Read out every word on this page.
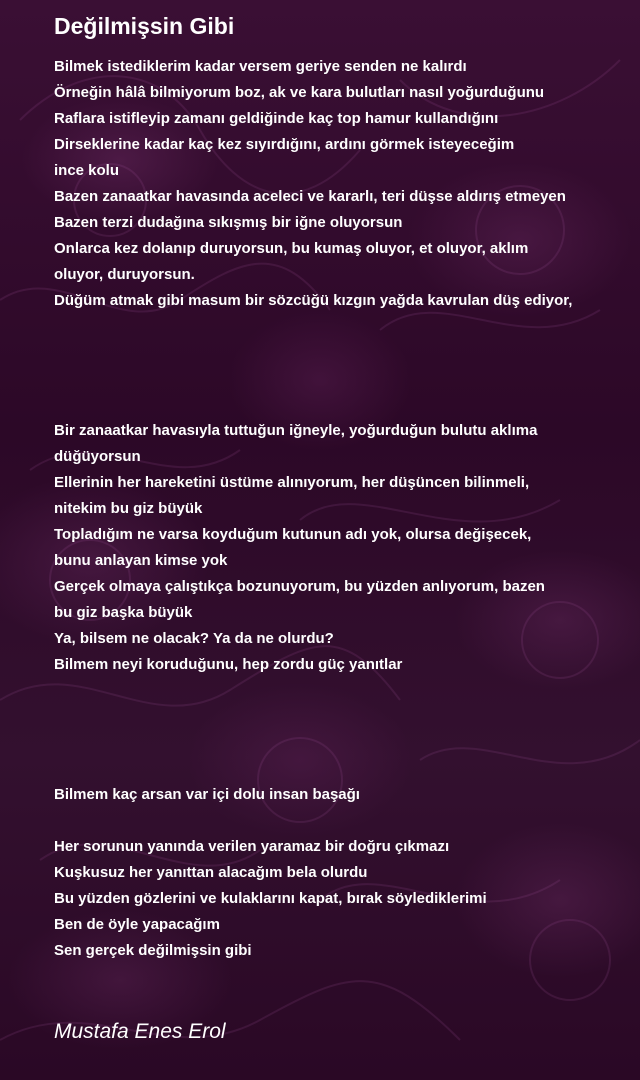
Değilmişsin Gibi
Bilmek istediklerim kadar versem geriye senden ne kalırdı
Örneğin hâlâ bilmiyorum boz, ak ve kara bulutları nasıl yoğurduğunu
Raflara istifleyip zamanı geldiğinde kaç top hamur kullandığını
Dirseklerine kadar kaç kez sıyırdığını, ardını görmek isteyeceğim
ince kolu
Bazen zanaatkar havasında aceleci ve kararlı, teri düşse aldırış etmeyen
Bazen terzi dudağına sıkışmış bir iğne oluyorsun
Onlarca kez dolanıp duruyorsun, bu kumaş oluyor, et oluyor, aklım
oluyor, duruyorsun.
Düğüm atmak gibi masum bir sözcüğü kızgın yağda kavrulan düş ediyor,
Bir zanaatkar havasıyla tuttuğun iğneyle, yoğurduğun bulutu aklıma
düğüyorsun
Ellerinin her hareketini üstüme alınıyorum, her düşüncen bilinmeli,
nitekim bu giz büyük
Topladığım ne varsa koyduğum kutunun adı yok, olursa değişecek,
bunu anlayan kimse yok
Gerçek olmaya çalıştıkça bozunuyorum, bu yüzden anlıyorum, bazen
bu giz başka büyük
Ya, bilsem ne olacak? Ya da ne olurdu?
Bilmem neyi koruduğunu, hep zordu güç yanıtlar
Bilmem kaç arsan var içi dolu insan başağı
Her sorunun yanında verilen yaramaz bir doğru çıkmazı
Kuşkusuz her yanıttan alacağım bela olurdu
Bu yüzden gözlerini ve kulaklarını kapat, bırak söylediklerimi
Ben de öyle yapacağım
Sen gerçek değilmişsin gibi
Mustafa Enes Erol
